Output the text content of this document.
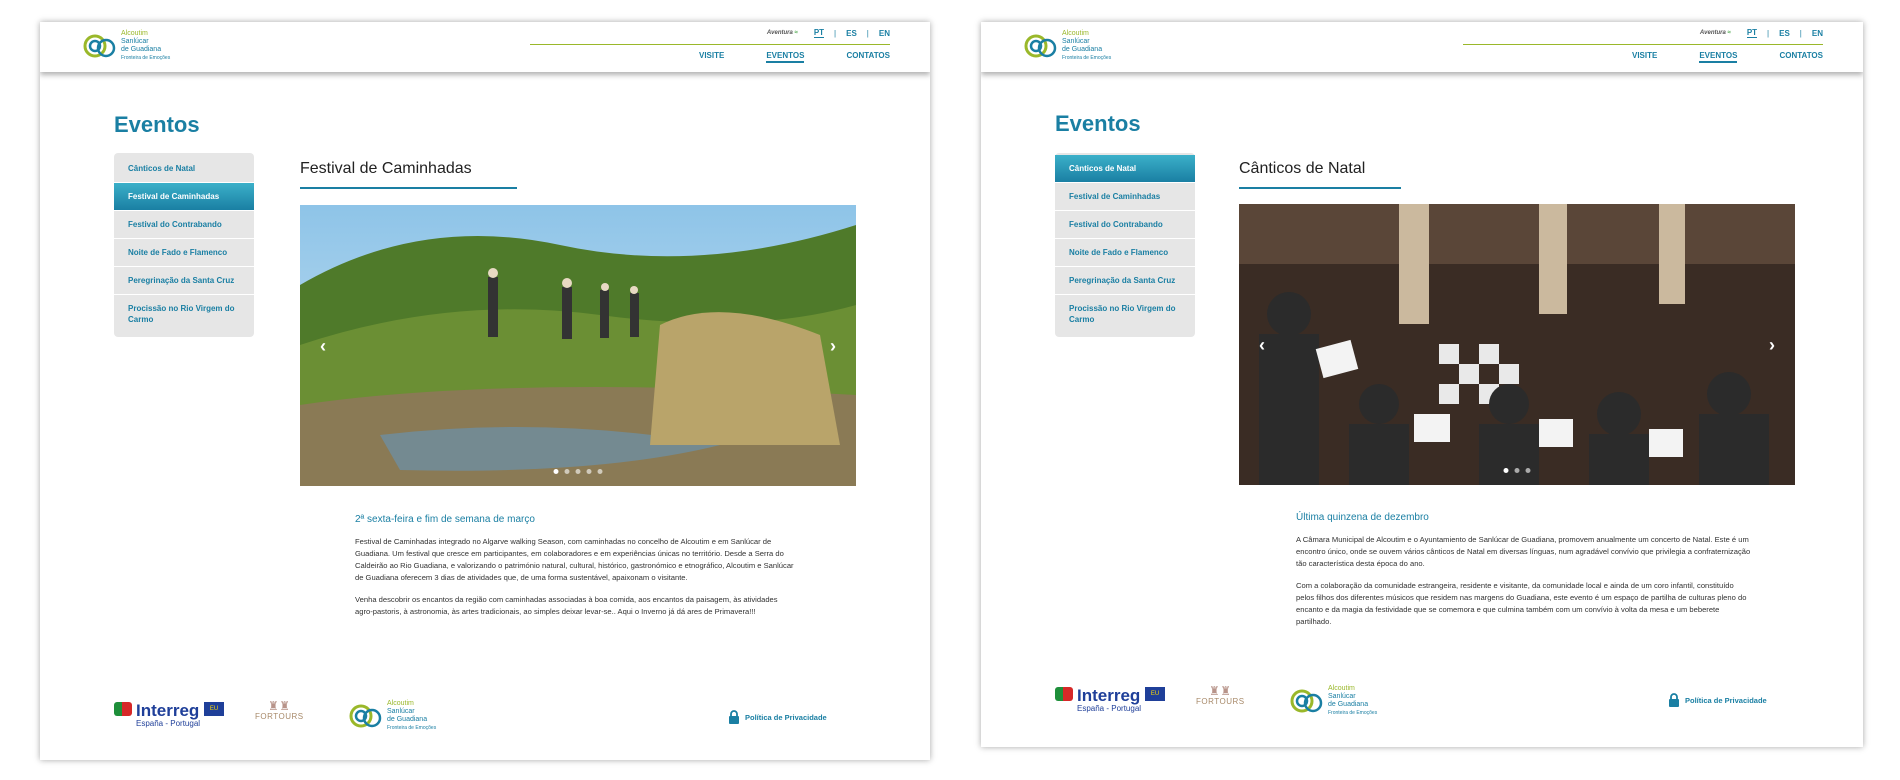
Alcoutim
Sanlúcar
de Guadiana
Fronteira de Emoções
Aventura ≈ PT | ES | EN
VISITE	EVENTOS	CONTATOS
Eventos
Cânticos de Natal
Festival de Caminhadas
Festival do Contrabando
Noite de Fado e Flamenco
Peregrinação da Santa Cruz
Procissão no Rio Virgem do Carmo
Festival de Caminhadas
‹	›
2ª sexta-feira e fim de semana de março

Festival de Caminhadas integrado no Algarve walking Season, com caminhadas no concelho de Alcoutim e em Sanlúcar de Guadiana. Um festival que cresce em participantes, em colaboradores e em experiências únicas no território. Desde a Serra do Caldeirão ao Rio Guadiana, e valorizando o património natural, cultural, histórico, gastronómico e etnográfico, Alcoutim e Sanlúcar de Guadiana oferecem 3 dias de atividades que, de uma forma sustentável, apaixonam o visitante.

Venha descobrir os encantos da região com caminhadas associadas à boa comida, aos encantos da paisagem, às atividades agro-pastoris, à astronomia, às artes tradicionais, ao simples deixar levar-se.. Aqui o Inverno já dá ares de Primavera!!!

Interreg
España - Portugal
EU	♜♜
FORTOURS
Alcoutim
Sanlúcar
de Guadiana
Fronteira de Emoções
Política de Privacidade
Alcoutim
Sanlúcar
de Guadiana
Fronteira de Emoções
Aventura ≈ PT | ES | EN
VISITE	EVENTOS	CONTATOS
Eventos
Cânticos de Natal
Festival de Caminhadas
Festival do Contrabando
Noite de Fado e Flamenco
Peregrinação da Santa Cruz
Procissão no Rio Virgem do Carmo
Cânticos de Natal
‹	›
Última quinzena de dezembro

A Câmara Municipal de Alcoutim e o Ayuntamiento de Sanlúcar de Guadiana, promovem anualmente um concerto de Natal. Este é um encontro único, onde se ouvem vários cânticos de Natal em diversas línguas, num agradável convívio que privilegia a confraternização tão característica desta época do ano.

Com a colaboração da comunidade estrangeira, residente e visitante, da comunidade local e ainda de um coro infantil, constituído pelos filhos dos diferentes músicos que residem nas margens do Guadiana, este evento é um espaço de partilha de culturas pleno do encanto e da magia da festividade que se comemora e que culmina também com um convívio à volta da mesa e um beberete partilhado.

Interreg
España - Portugal
EU	♜♜
FORTOURS
Alcoutim
Sanlúcar
de Guadiana
Fronteira de Emoções
Política de Privacidade
